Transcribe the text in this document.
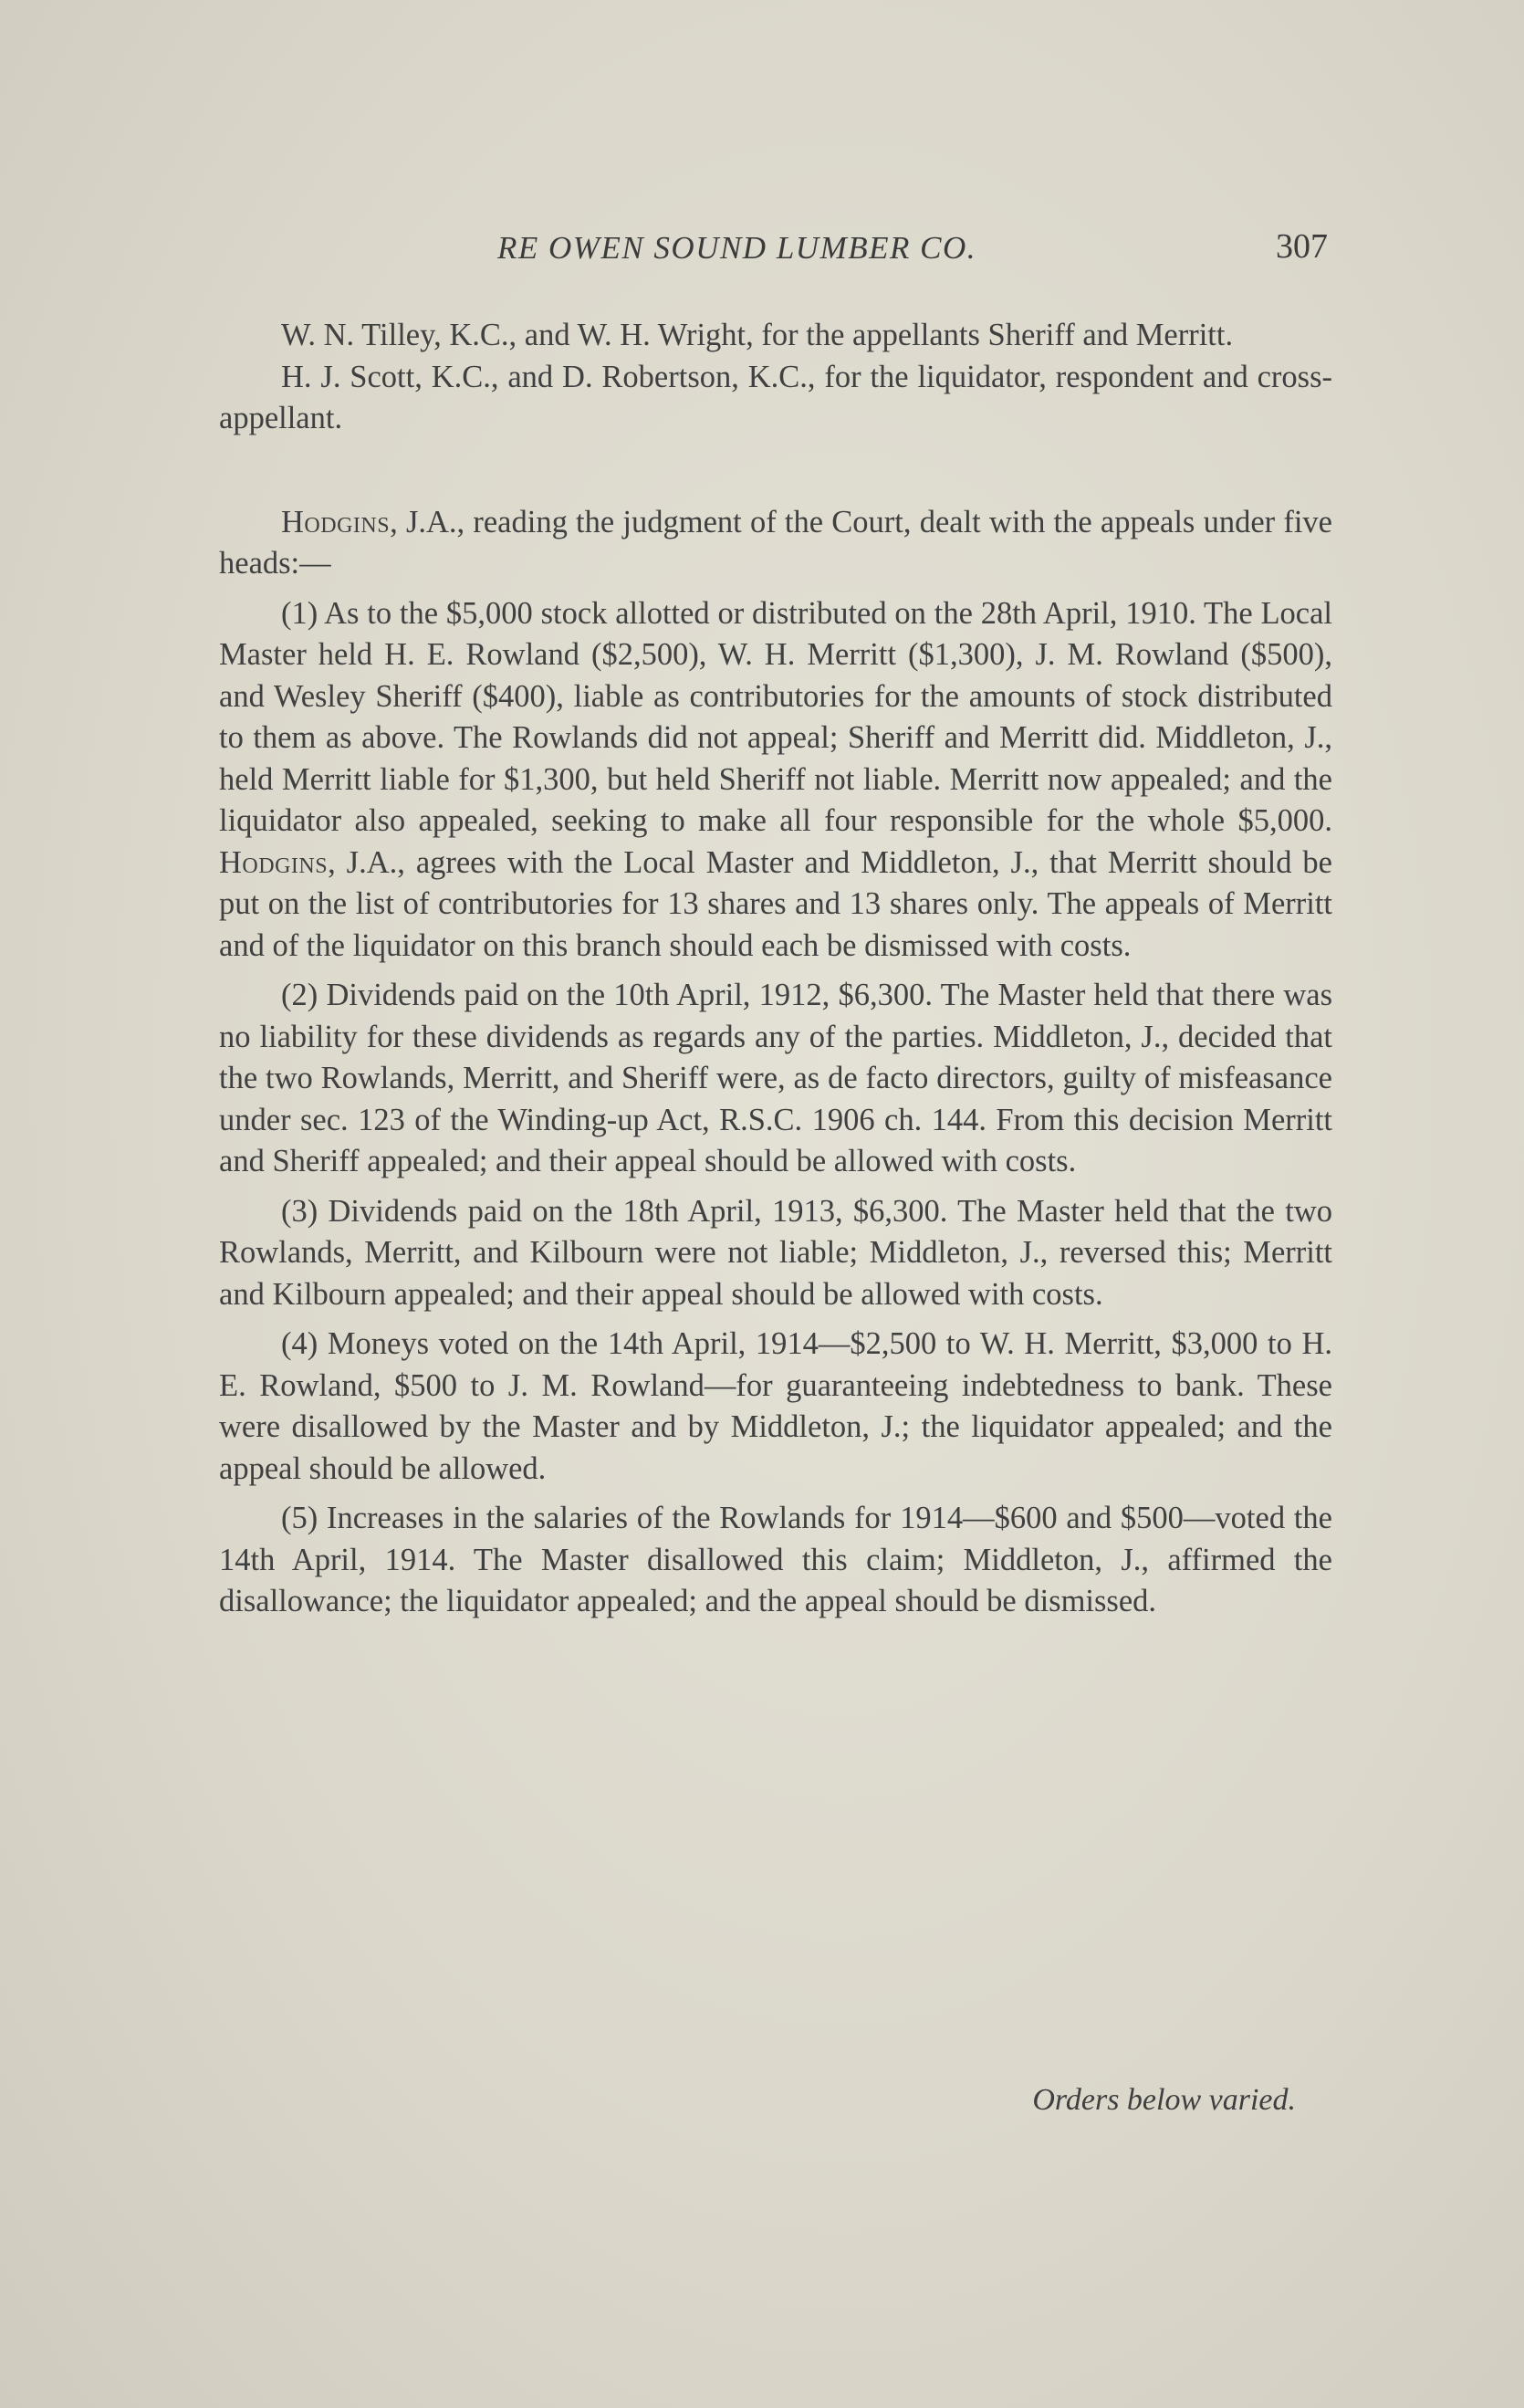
RE OWEN SOUND LUMBER CO.	307

W. N. Tilley, K.C., and W. H. Wright, for the appellants Sheriff and Merritt.

H. J. Scott, K.C., and D. Robertson, K.C., for the liquidator, respondent and cross-appellant.

Hodgins, J.A., reading the judgment of the Court, dealt with the appeals under five heads:—

(1) As to the $5,000 stock allotted or distributed on the 28th April, 1910. The Local Master held H. E. Rowland ($2,500), W. H. Merritt ($1,300), J. M. Rowland ($500), and Wesley Sheriff ($400), liable as contributories for the amounts of stock distributed to them as above. The Rowlands did not appeal; Sheriff and Merritt did. Middleton, J., held Merritt liable for $1,300, but held Sheriff not liable. Merritt now appealed; and the liquidator also appealed, seeking to make all four responsible for the whole $5,000. Hodgins, J.A., agrees with the Local Master and Middleton, J., that Merritt should be put on the list of contributories for 13 shares and 13 shares only. The appeals of Merritt and of the liquidator on this branch should each be dismissed with costs.

(2) Dividends paid on the 10th April, 1912, $6,300. The Master held that there was no liability for these dividends as regards any of the parties. Middleton, J., decided that the two Rowlands, Merritt, and Sheriff were, as de facto directors, guilty of misfeasance under sec. 123 of the Winding-up Act, R.S.C. 1906 ch. 144. From this decision Merritt and Sheriff appealed; and their appeal should be allowed with costs.

(3) Dividends paid on the 18th April, 1913, $6,300. The Master held that the two Rowlands, Merritt, and Kilbourn were not liable; Middleton, J., reversed this; Merritt and Kilbourn appealed; and their appeal should be allowed with costs.

(4) Moneys voted on the 14th April, 1914—$2,500 to W. H. Merritt, $3,000 to H. E. Rowland, $500 to J. M. Rowland—for guaranteeing indebtedness to bank. These were disallowed by the Master and by Middleton, J.; the liquidator appealed; and the appeal should be allowed.

(5) Increases in the salaries of the Rowlands for 1914—$600 and $500—voted the 14th April, 1914. The Master disallowed this claim; Middleton, J., affirmed the disallowance; the liquidator appealed; and the appeal should be dismissed.

Orders below varied.
